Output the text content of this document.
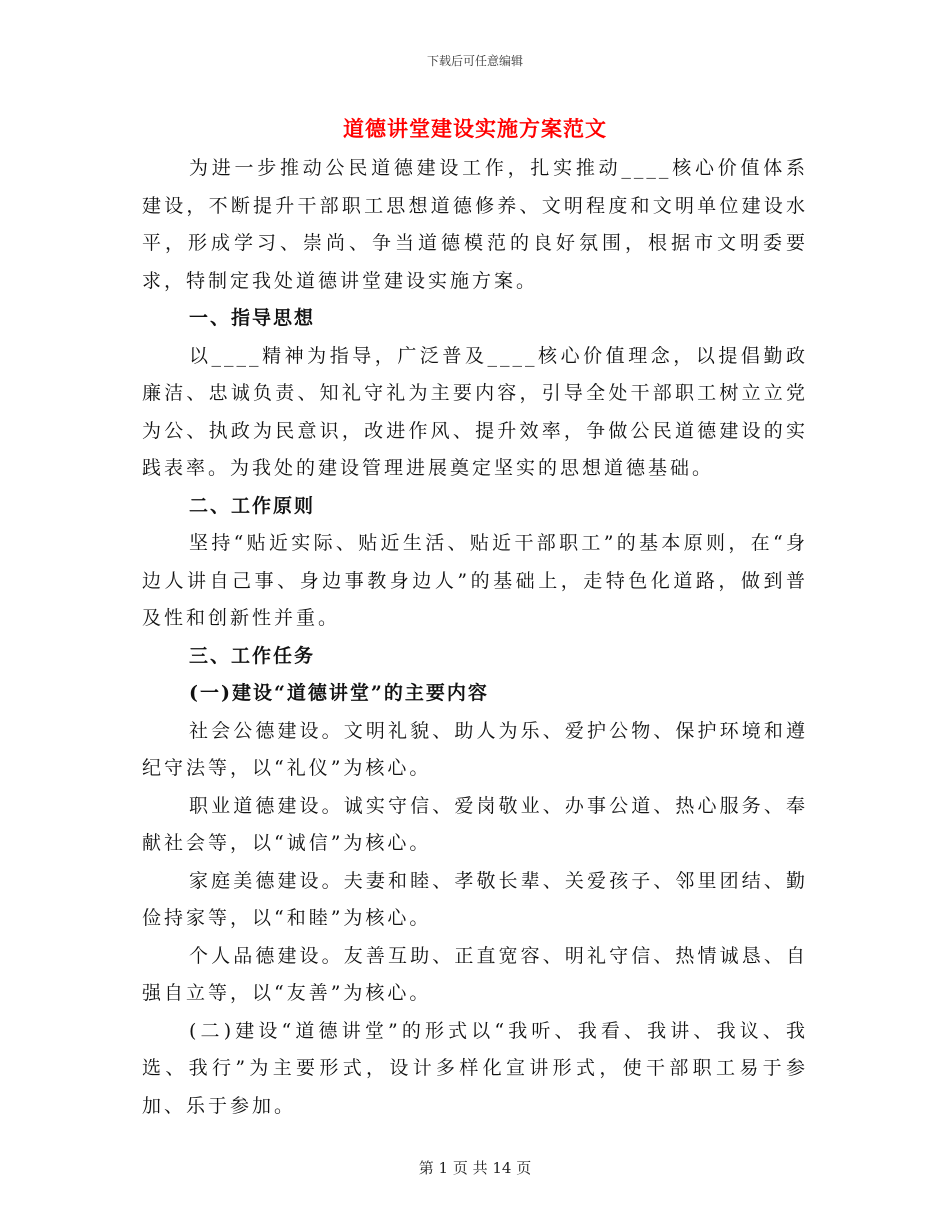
下载后可任意编辑
道德讲堂建设实施方案范文

为进一步推动公民道德建设工作，扎实推动____核心价值体系建设，不断提升干部职工思想道德修养、文明程度和文明单位建设水平，形成学习、崇尚、争当道德模范的良好氛围，根据市文明委要求，特制定我处道德讲堂建设实施方案。

一、指导思想

以____精神为指导，广泛普及____核心价值理念，以提倡勤政廉洁、忠诚负责、知礼守礼为主要内容，引导全处干部职工树立立党为公、执政为民意识，改进作风、提升效率，争做公民道德建设的实践表率。为我处的建设管理进展奠定坚实的思想道德基础。

二、工作原则

坚持“贴近实际、贴近生活、贴近干部职工”的基本原则，在“身边人讲自己事、身边事教身边人”的基础上，走特色化道路，做到普及性和创新性并重。

三、工作任务

(一)建设“道德讲堂”的主要内容

社会公德建设。文明礼貌、助人为乐、爱护公物、保护环境和遵纪守法等，以“礼仪”为核心。

职业道德建设。诚实守信、爱岗敬业、办事公道、热心服务、奉献社会等，以“诚信”为核心。

家庭美德建设。夫妻和睦、孝敬长辈、关爱孩子、邻里团结、勤俭持家等，以“和睦”为核心。

个人品德建设。友善互助、正直宽容、明礼守信、热情诚恳、自强自立等，以“友善”为核心。

(二)建设“道德讲堂”的形式以“我听、我看、我讲、我议、我选、我行”为主要形式，设计多样化宣讲形式，使干部职工易于参加、乐于参加。

第 1 页 共 14 页
